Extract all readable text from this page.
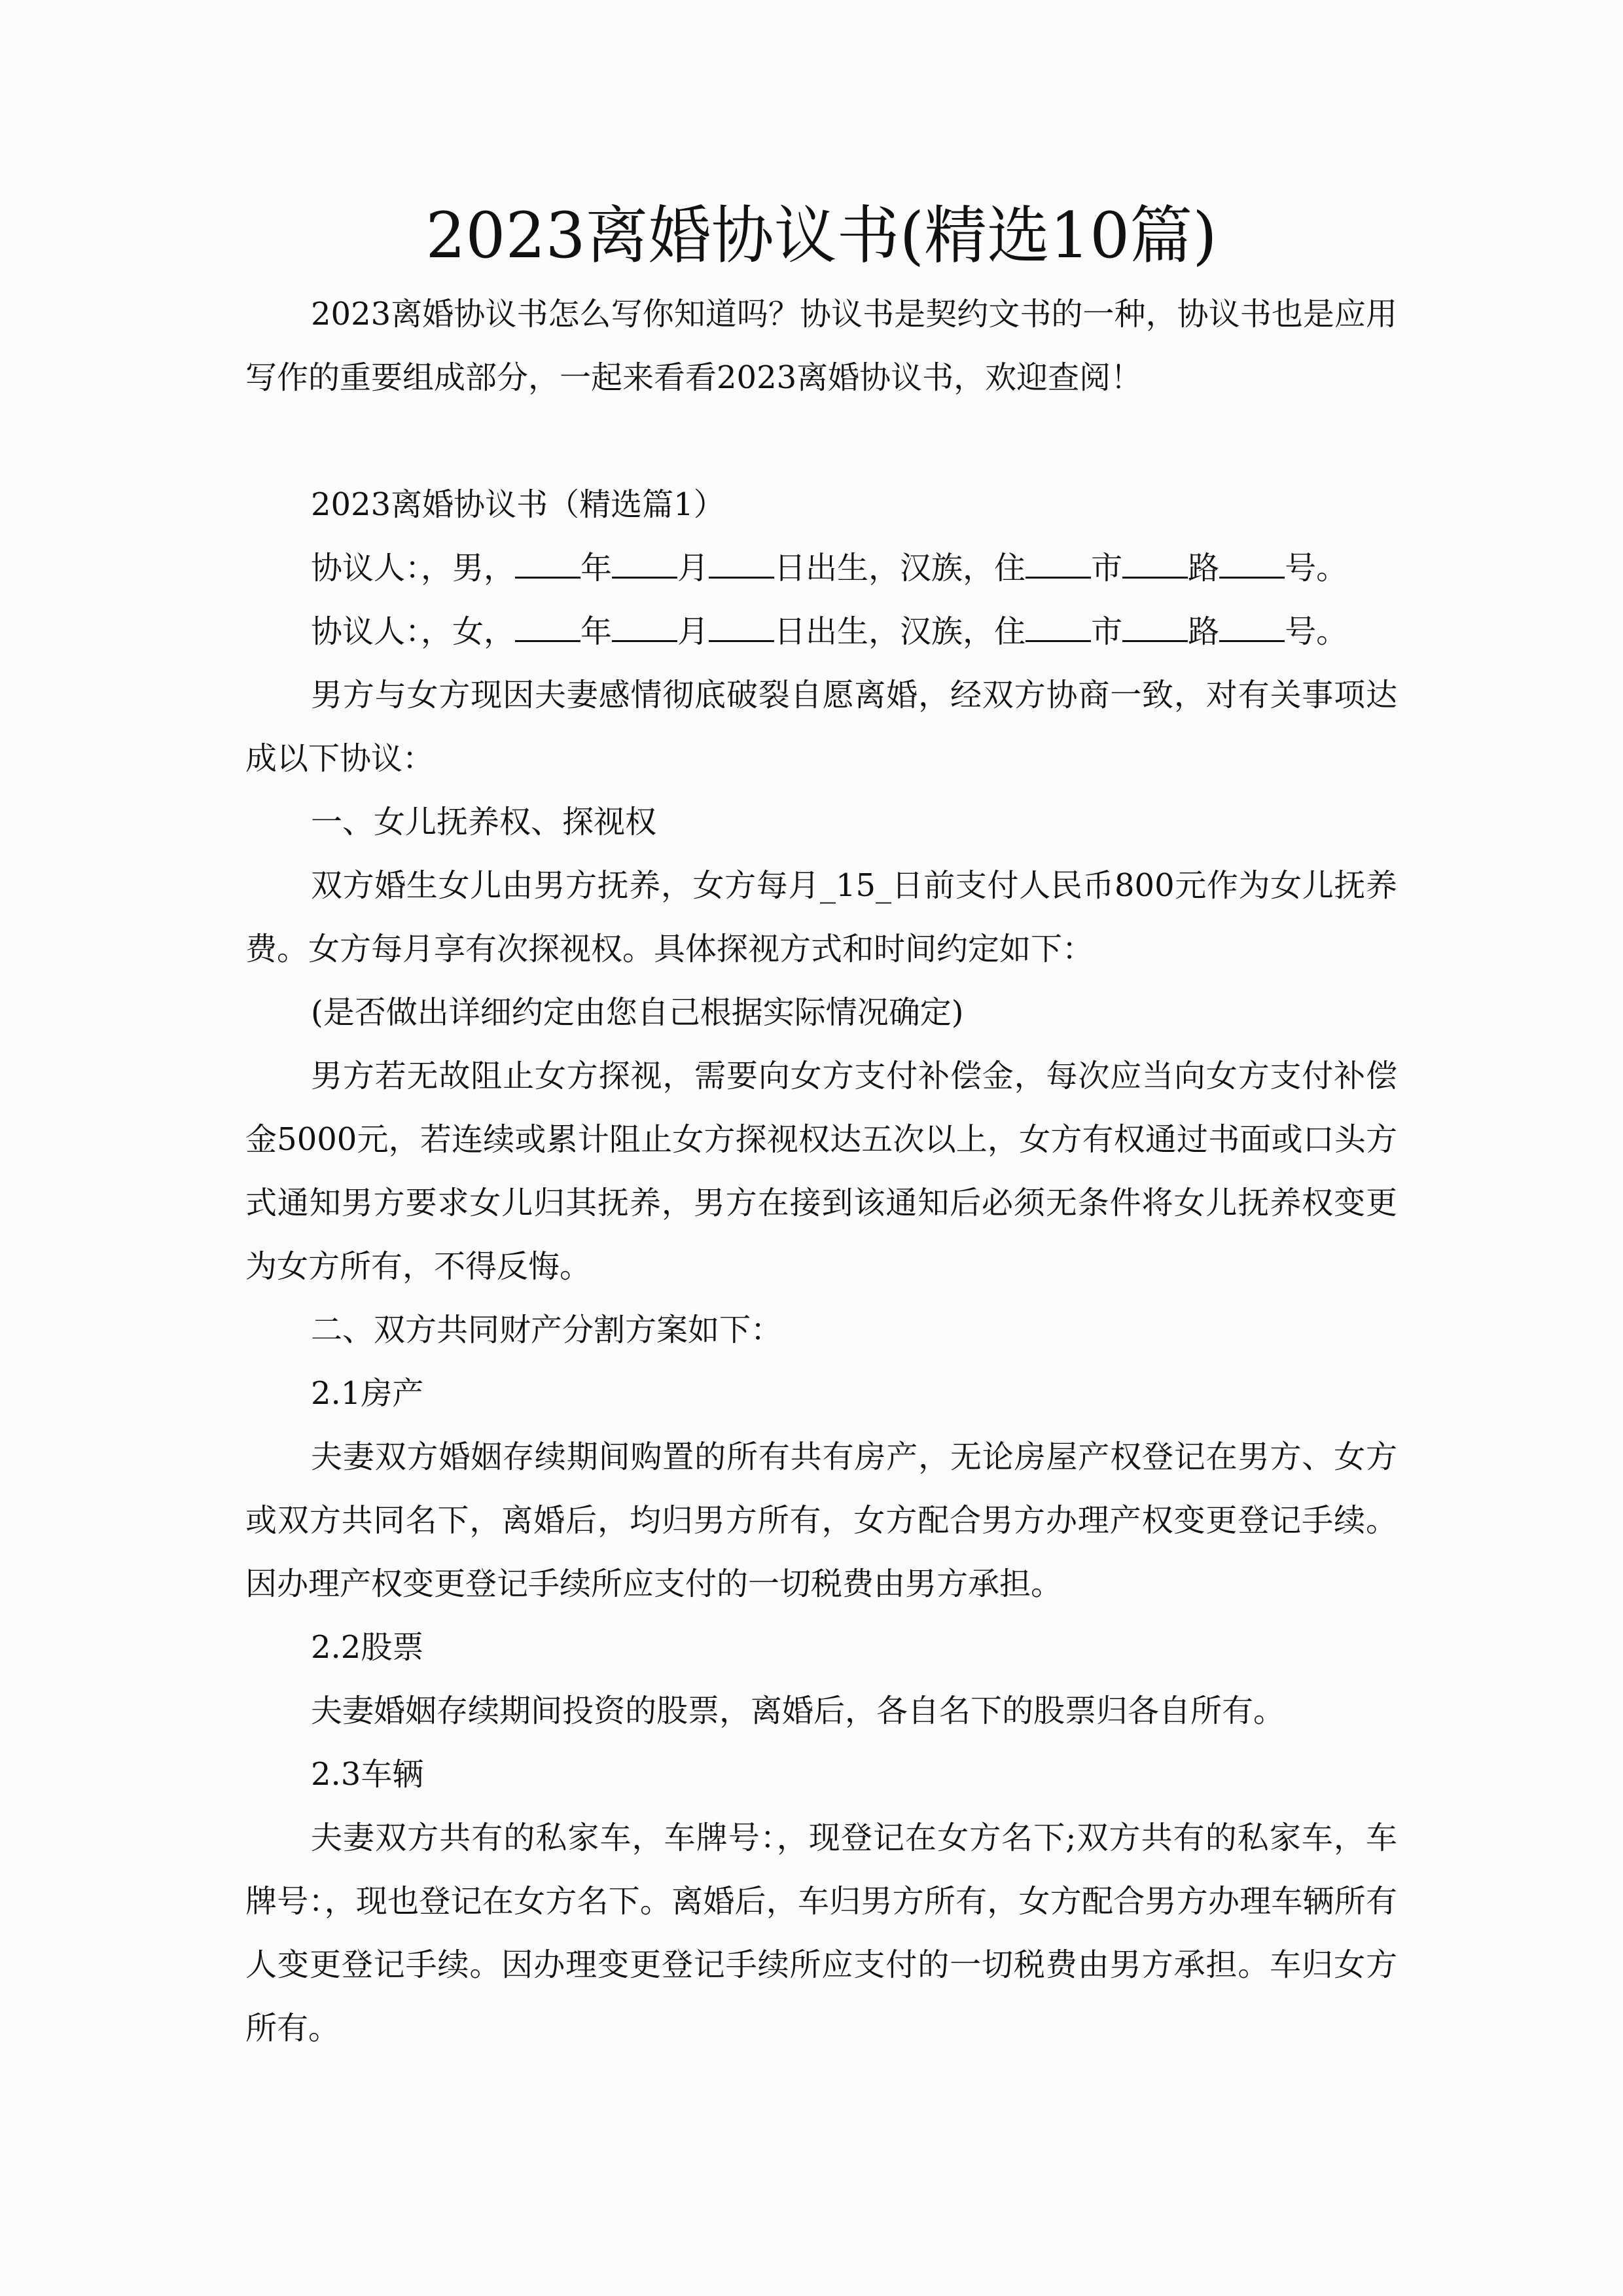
2023离婚协议书(精选10篇)

2023离婚协议书怎么写你知道吗？协议书是契约文书的一种，协议书也是应用写作的重要组成部分，一起来看看2023离婚协议书，欢迎查阅！

2023离婚协议书（精选篇1）

协议人：，男， 年 月 日出生，汉族，住 市 路 号。

协议人：，女， 年 月 日出生，汉族，住 市 路 号。

男方与女方现因夫妻感情彻底破裂自愿离婚，经双方协商一致，对有关事项达成以下协议：

一、女儿抚养权、探视权

双方婚生女儿由男方抚养，女方每月_15_日前支付人民币800元作为女儿抚养费。女方每月享有次探视权。具体探视方式和时间约定如下：

(是否做出详细约定由您自己根据实际情况确定)

男方若无故阻止女方探视，需要向女方支付补偿金，每次应当向女方支付补偿金5000元，若连续或累计阻止女方探视权达五次以上，女方有权通过书面或口头方式通知男方要求女儿归其抚养，男方在接到该通知后必须无条件将女儿抚养权变更为女方所有，不得反悔。

二、双方共同财产分割方案如下：

2.1房产

夫妻双方婚姻存续期间购置的所有共有房产，无论房屋产权登记在男方、女方或双方共同名下，离婚后，均归男方所有，女方配合男方办理产权变更登记手续。因办理产权变更登记手续所应支付的一切税费由男方承担。

2.2股票

夫妻婚姻存续期间投资的股票，离婚后，各自名下的股票归各自所有。

2.3车辆

夫妻双方共有的私家车，车牌号：，现登记在女方名下;双方共有的私家车，车牌号：，现也登记在女方名下。离婚后，车归男方所有，女方配合男方办理车辆所有人变更登记手续。因办理变更登记手续所应支付的一切税费由男方承担。车归女方所有。
